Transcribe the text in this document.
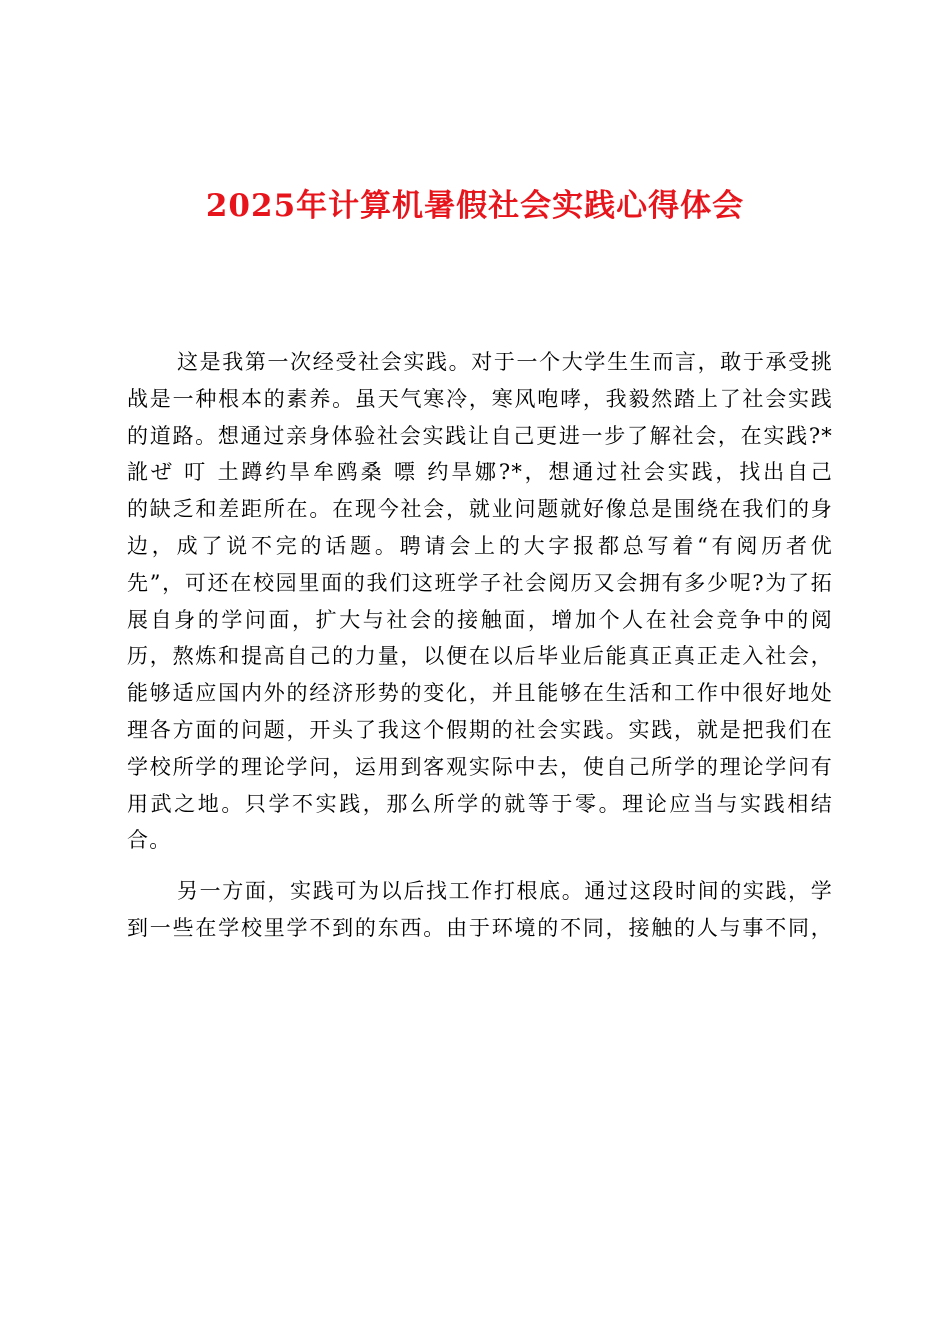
2025年计算机暑假社会实践心得体会
这是我第一次经受社会实践。对于一个大学生生而言，敢于承受挑
战是一种根本的素养。虽天气寒冷，寒风咆哮，我毅然踏上了社会实践
的道路。想通过亲身体验社会实践让自己更进一步了解社会，在实践?*
訛ぜ 叮 土蹲约旱牟鸥桑 嘌 约旱娜?*，想通过社会实践，找出自己
的缺乏和差距所在。在现今社会，就业问题就好像总是围绕在我们的身
边，成了说不完的话题。聘请会上的大字报都总写着“有阅历者优
先”，可还在校园里面的我们这班学子社会阅历又会拥有多少呢?为了拓
展自身的学问面，扩大与社会的接触面，增加个人在社会竞争中的阅
历，熬炼和提高自己的力量，以便在以后毕业后能真正真正走入社会，
能够适应国内外的经济形势的变化，并且能够在生活和工作中很好地处
理各方面的问题，开头了我这个假期的社会实践。实践，就是把我们在
学校所学的理论学问，运用到客观实际中去，使自己所学的理论学问有
用武之地。只学不实践，那么所学的就等于零。理论应当与实践相结
合。
另一方面，实践可为以后找工作打根底。通过这段时间的实践，学
到一些在学校里学不到的东西。由于环境的不同，接触的人与事不同，
